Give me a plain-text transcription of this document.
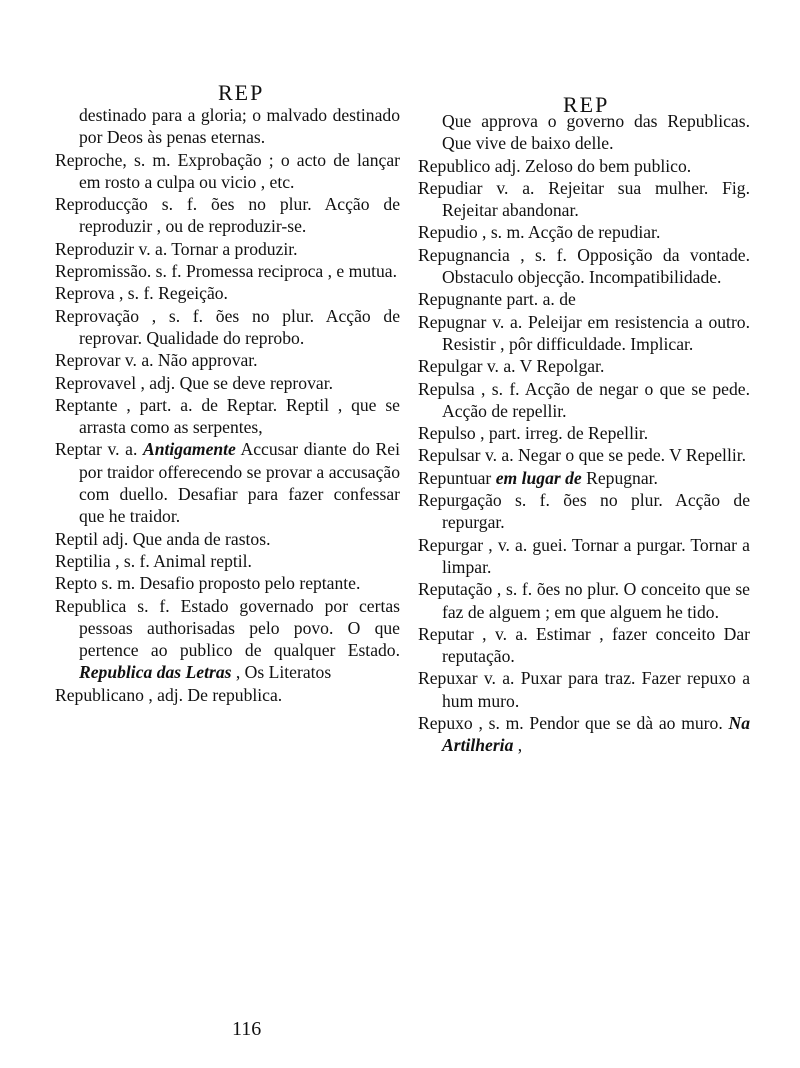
REP	REP

destinado para a gloria; o malvado destinado por Deos às penas eternas.

Reproche, s. m. Exprobação ; o acto de lançar em rosto a culpa ou vicio , etc.

Reproducção s. f. ões no plur. Acção de reproduzir , ou de reproduzir-se.

Reproduzir v. a. Tornar a produzir.

Repromissão. s. f. Promessa reciproca , e mutua.

Reprova , s. f. Regeição.

Reprovação , s. f. ões no plur. Acção de reprovar. Qualidade do reprobo.

Reprovar v. a. Não approvar.

Reprovavel , adj. Que se deve reprovar.

Reptante , part. a. de Reptar. Reptil , que se arrasta como as serpentes,

Reptar v. a. Antigamente Accusar diante do Rei por traidor offerecendo se provar a accusação com duello. Desafiar para fazer confessar que he traidor.

Reptil adj. Que anda de rastos.

Reptilia , s. f. Animal reptil.

Repto s. m. Desafio proposto pelo reptante.

Republica s. f. Estado governado por certas pessoas authorisadas pelo povo. O que pertence ao publico de qualquer Estado. Republica das Letras , Os Literatos

Republicano , adj. De republica.

Que approva o governo das Republicas. Que vive de baixo delle.

Republico adj. Zeloso do bem publico.

Repudiar v. a. Rejeitar sua mulher. Fig. Rejeitar abandonar.

Repudio , s. m. Acção de repudiar.

Repugnancia , s. f. Opposição da vontade. Obstaculo objecção. Incompatibilidade.

Repugnante part. a. de

Repugnar v. a. Peleijar em resistencia a outro. Resistir , pôr difficuldade. Implicar.

Repulgar v. a. V Repolgar.

Repulsa , s. f. Acção de negar o que se pede. Acção de repellir.

Repulso , part. irreg. de Repellir.

Repulsar v. a. Negar o que se pede. V Repellir.

Repuntuar em lugar de Repugnar.

Repurgação s. f. ões no plur. Acção de repurgar.

Repurgar , v. a. guei. Tornar a purgar. Tornar a limpar.

Reputação , s. f. ões no plur. O conceito que se faz de alguem ; em que alguem he tido.

Reputar , v. a. Estimar , fazer conceito Dar reputação.

Repuxar v. a. Puxar para traz. Fazer repuxo a hum muro.

Repuxo , s. m. Pendor que se dà ao muro. Na Artilheria ,

116
